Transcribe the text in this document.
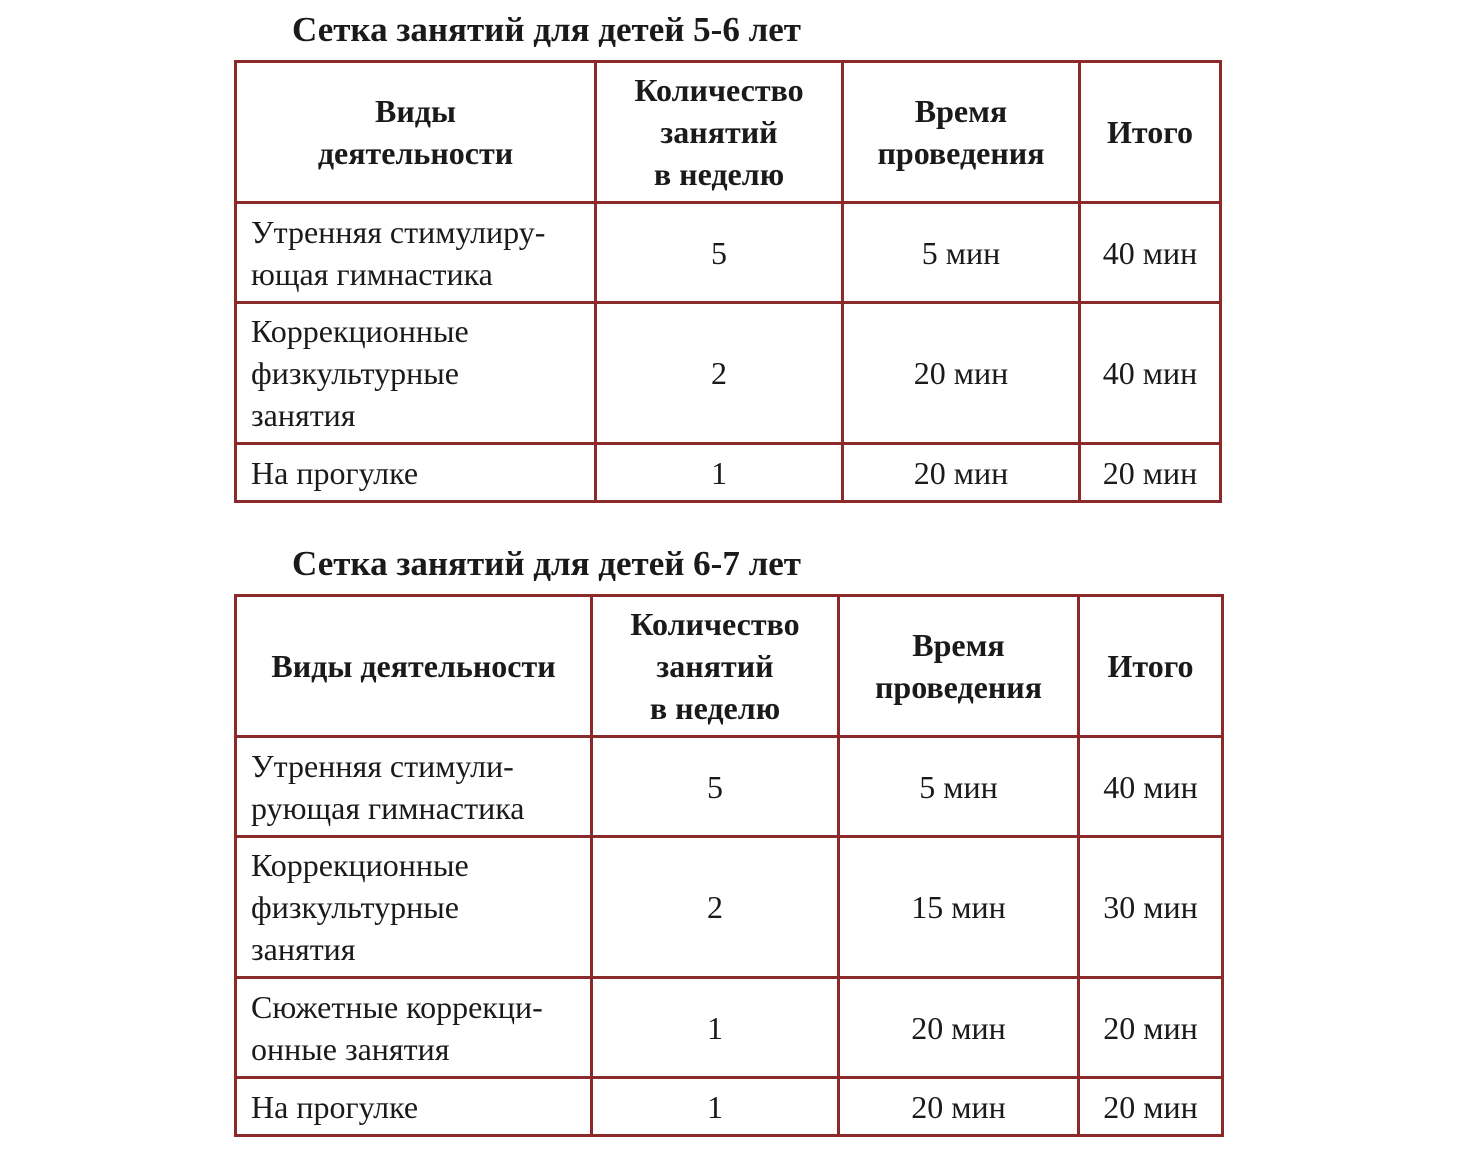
Сетка занятий для детей 5-6 лет
Виды
деятельности	Количество
занятий
в неделю	Время
проведения	Итого

Утренняя стимулиру-
ющая гимнастика	5	5 мин	40 мин

Коррекционные
физкультурные
занятия	2	20 мин	40 мин

На прогулке	1	20 мин	20 мин
Сетка занятий для детей 6-7 лет
Виды деятельности	Количество
занятий
в неделю	Время
проведения	Итого

Утренняя стимули-
рующая гимнастика	5	5 мин	40 мин

Коррекционные
физкультурные
занятия	2	15 мин	30 мин

Сюжетные коррекци-
онные занятия	1	20 мин	20 мин

На прогулке	1	20 мин	20 мин
